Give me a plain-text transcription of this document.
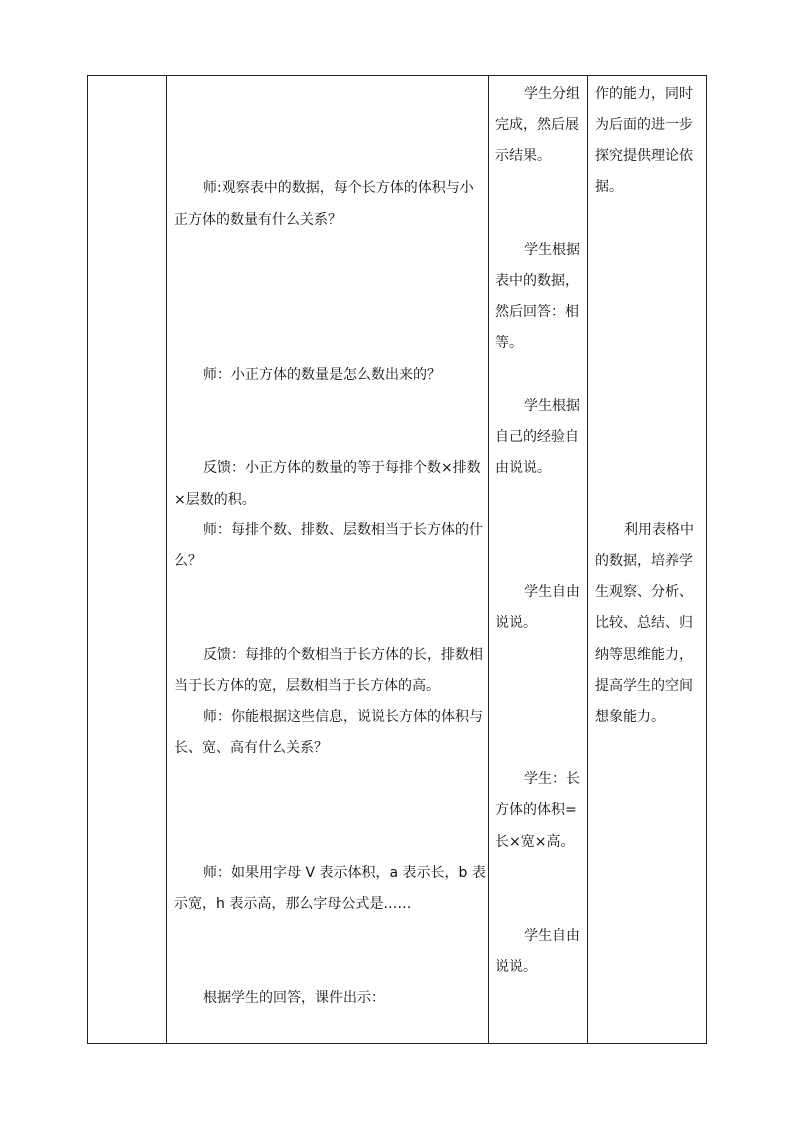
师:观察表中的数据，每个长方体的体积与小
正方体的数量有什么关系？
师：小正方体的数量是怎么数出来的？
反馈：小正方体的数量的等于每排个数×排数
×层数的积。
师：每排个数、排数、层数相当于长方体的什
么？
反馈：每排的个数相当于长方体的长，排数相
当于长方体的宽，层数相当于长方体的高。
师：你能根据这些信息，说说长方体的体积与
长、宽、高有什么关系？
师：如果用字母 V 表示体积，a 表示长，b 表
示宽，h 表示高，那么字母公式是……
根据学生的回答，课件出示：
学生分组
完成，然后展
示结果。
学生根据
表中的数据，
然后回答：相
等。
学生根据
自己的经验自
由说说。
学生自由
说说。
学生：长
方体的体积=
长×宽×高。
学生自由
说说。
作的能力，同时
为后面的进一步
探究提供理论依
据。
利用表格中
的数据，培养学
生观察、分析、
比较、总结、归
纳等思维能力，
提高学生的空间
想象能力。
